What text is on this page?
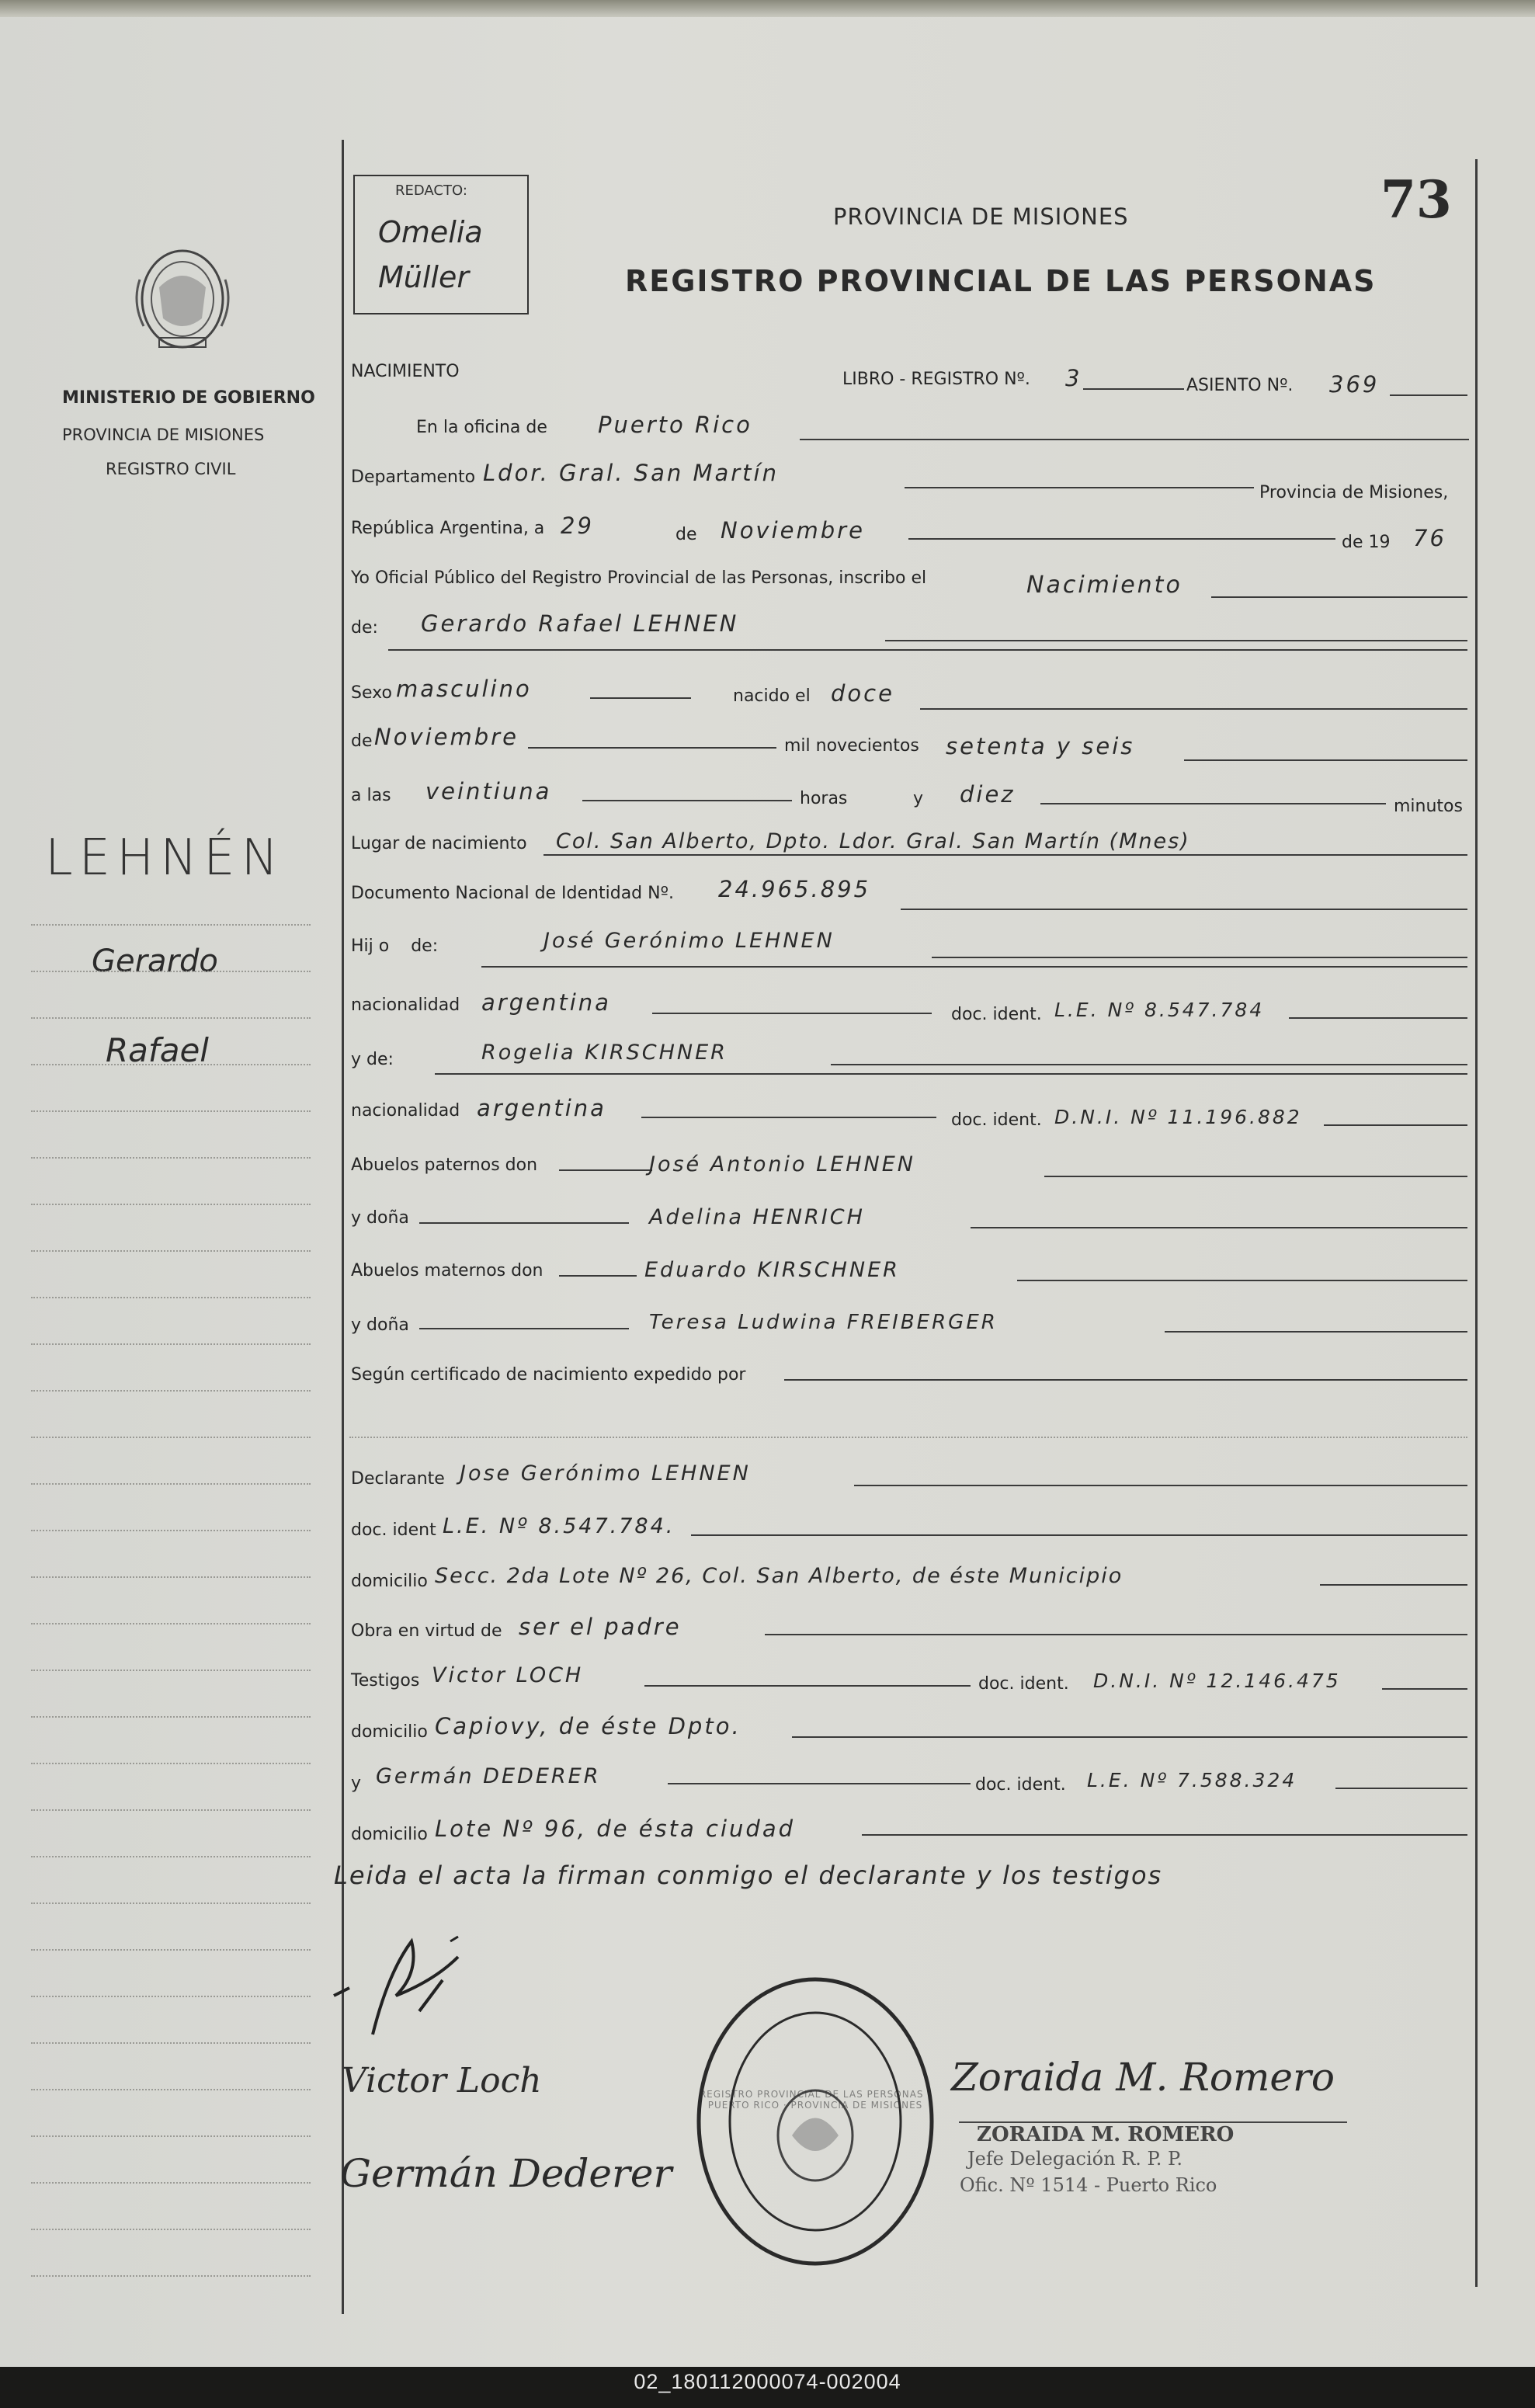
MINISTERIO DE GOBIERNO
PROVINCIA DE MISIONES
REGISTRO CIVIL
LEHNÉN
Gerardo
Rafael
REDACTO:
Omelia
Müller
PROVINCIA DE MISIONES
REGISTRO PROVINCIAL DE LAS PERSONAS
73
NACIMIENTO	LIBRO - REGISTRO Nº. 3	ASIENTO Nº. 369
En la oficina de Puerto Rico
Departamento Ldor. Gral. San Martín
Provincia de Misiones,
República Argentina, a 29	de Noviembre	de 19 76
Yo Oficial Público del Registro Provincial de las Personas, inscribo el	Nacimiento
de: Gerardo Rafael LEHNEN
Sexo masculino	nacido el doce
de Noviembre	mil novecientos setenta y seis
a las veintiuna	horas	y diez	minutos
Lugar de nacimiento Col. San Alberto, Dpto. Ldor. Gral. San Martín (Mnes)
Documento Nacional de Identidad Nº. 24.965.895
Hij o    de:	José Gerónimo LEHNEN
nacionalidad argentina	doc. ident. L.E. Nº 8.547.784
y de:	Rogelia KIRSCHNER
nacionalidad argentina	doc. ident. D.N.I. Nº 11.196.882
Abuelos paternos don	José Antonio LEHNEN
y doña	Adelina HENRICH
Abuelos maternos don	Eduardo KIRSCHNER
y doña	Teresa Ludwina FREIBERGER
Según certificado de nacimiento expedido por
Declarante Jose Gerónimo LEHNEN
doc. ident L.E. Nº 8.547.784.
domicilio Secc. 2da Lote Nº 26, Col. San Alberto, de éste Municipio
Obra en virtud de ser el padre
Testigos Victor LOCH	doc. ident. D.N.I. Nº 12.146.475
domicilio Capiovy, de éste Dpto.
y Germán DEDERER	doc. ident. L.E. Nº 7.588.324
domicilio Lote Nº 96, de ésta ciudad
Leida el acta la firman conmigo el declarante y los testigos
Victor Loch
Germán Dederer
REGISTRO PROVINCIAL DE LAS PERSONAS · PUERTO RICO · PROVINCIA DE MISIONES
Zoraida M. Romero
ZORAIDA M. ROMERO
Jefe Delegación R. P. P.
Ofic. Nº 1514 - Puerto Rico
02_180112000074-002004
